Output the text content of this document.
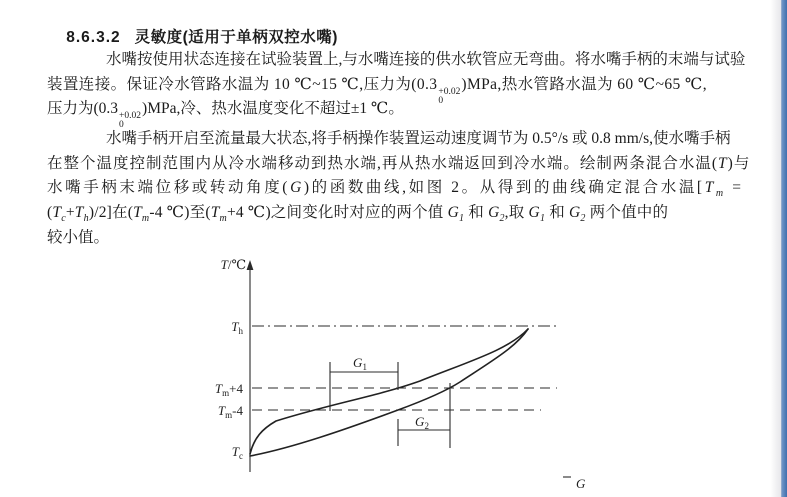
8.6.3.2 灵敏度(适用于单柄双控水嘴)

水嘴按使用状态连接在试验装置上,与水嘴连接的供水软管应无弯曲。将水嘴手柄的末端与试验
装置连接。保证冷水管路水温为 10 ℃~15 ℃,压力为(0.3 +0.02
0
)MPa,热水管路水温为 60 ℃~65 ℃,
压力为(0.3 +0.02
0
)MPa,冷、热水温度变化不超过±1 ℃。
水嘴手柄开启至流量最大状态,将手柄操作装置运动速度调节为 0.5°/s 或 0.8 mm/s,使水嘴手柄
在整个温度控制范围内从冷水端移动到热水端,再从热水端返回到冷水端。绘制两条混合水温(T)与
水嘴手柄末端位移或转动角度(G)的函数曲线,如图 2。从得到的曲线确定混合水温[$T_m$ =
$(T_c+T_h)/2$]在($T_m-4$ ℃)至($T_m+4$ ℃)之间变化时对应的两个值 $G_1$ 和 $G_2$,取 $G_1$ 和 $G_2$ 两个值中的
较小值。
T/℃
$T_h$
$T_m+4$
$T_m-4$
$T_c$
$G_1$
$G_2$
G
